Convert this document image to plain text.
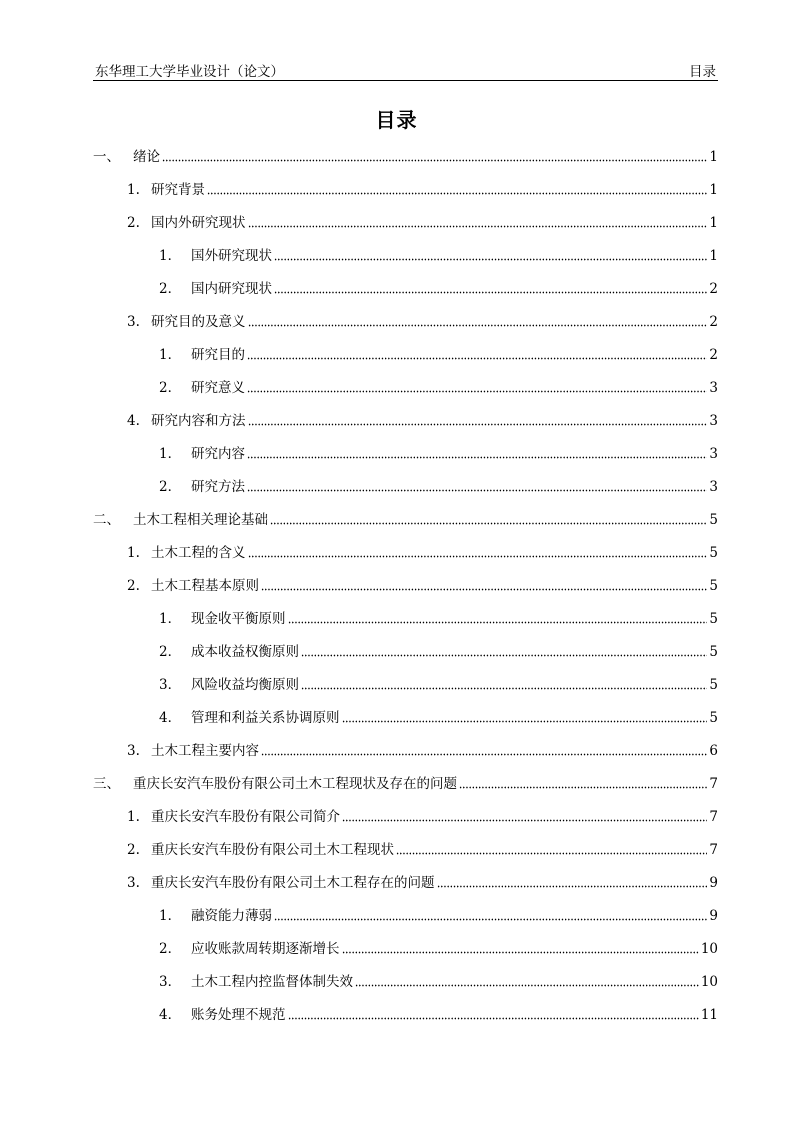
东华理工大学毕业设计（论文）	目录
目录
一、 绪论	1
1. 研究背景	1
2. 国内外研究现状	1
1． 国外研究现状	1
2． 国内研究现状	2
3. 研究目的及意义	2
1． 研究目的	2
2． 研究意义	3
4. 研究内容和方法	3
1． 研究内容	3
2． 研究方法	3
二、 土木工程相关理论基础	5
1. 土木工程的含义	5
2. 土木工程基本原则	5
1． 现金收平衡原则	5
2． 成本收益权衡原则	5
3． 风险收益均衡原则	5
4． 管理和利益关系协调原则	5
3. 土木工程主要内容	6
三、 重庆长安汽车股份有限公司土木工程现状及存在的问题	7
1. 重庆长安汽车股份有限公司简介	7
2. 重庆长安汽车股份有限公司土木工程现状	7
3. 重庆长安汽车股份有限公司土木工程存在的问题	9
1． 融资能力薄弱	9
2． 应收账款周转期逐渐增长	10
3． 土木工程内控监督体制失效	10
4． 账务处理不规范	11
